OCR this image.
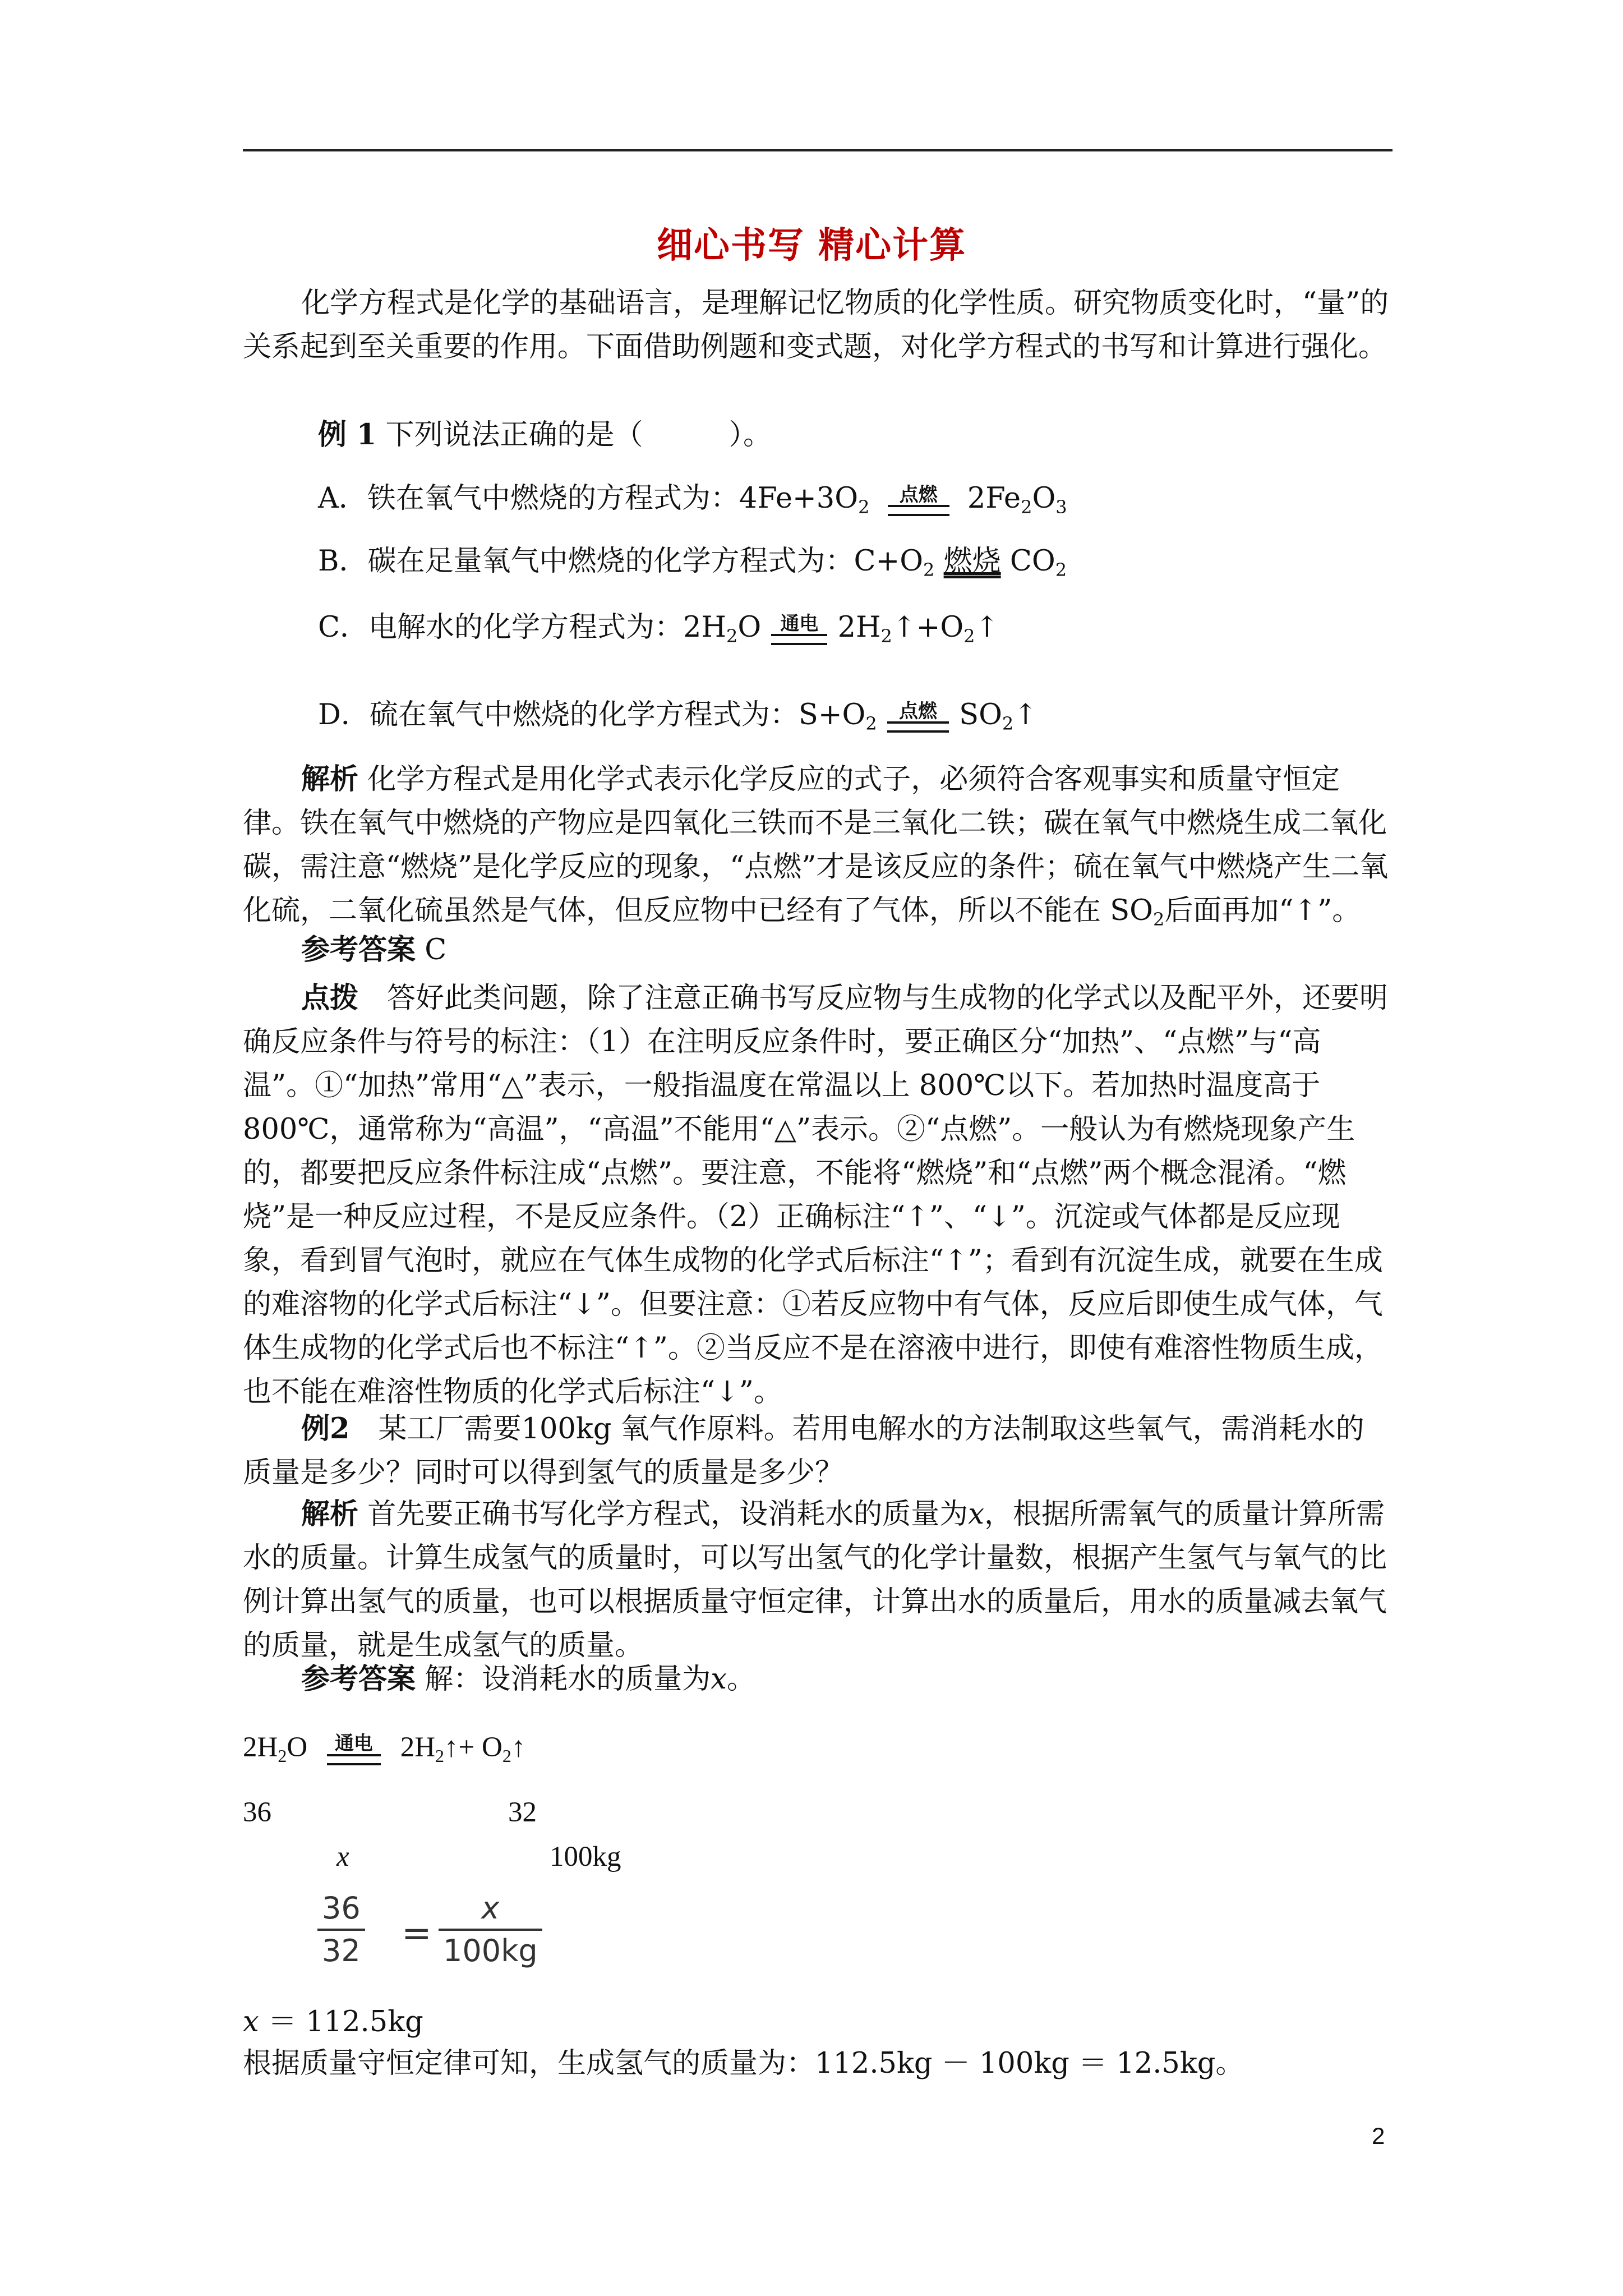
细心书写 精心计算
化学方程式是化学的基础语言，是理解记忆物质的化学性质。研究物质变化时，“量”的关系起到至关重要的作用。下面借助例题和变式题，对化学方程式的书写和计算进行强化。
例 1 下列说法正确的是（　　　）。
A．铁在氧气中燃烧的方程式为：$4Fe+3O_2$
点燃	$2Fe_2O_3$
B．碳在足量氧气中燃烧的化学方程式为：$C+O_2$ 燃烧 $CO_2$
C．电解水的化学方程式为：$2H_2O$	通电 $2H_2↑+O_2↑$
D．硫在氧气中燃烧的化学方程式为：$S+O_2$
点燃 $SO_2↑$
解析 化学方程式是用化学式表示化学反应的式子，必须符合客观事实和质量守恒定律。铁在氧气中燃烧的产物应是四氧化三铁而不是三氧化二铁；碳在氧气中燃烧生成二氧化碳，需注意“燃烧”是化学反应的现象，“点燃”才是该反应的条件；硫在氧气中燃烧产生二氧化硫，二氧化硫虽然是气体，但反应物中已经有了气体，所以不能在 $SO_2$后面再加“↑”。
参考答案 C
点拨　 答好此类问题，除了注意正确书写反应物与生成物的化学式以及配平外，还要明确反应条件与符号的标注：（1）在注明反应条件时，要正确区分“加热”、“点燃”与“高温”。①“加热”常用“△”表示，一般指温度在常温以上 800℃以下。若加热时温度高于 800℃，通常称为“高温”，“高温”不能用“△”表示。②“点燃”。一般认为有燃烧现象产生的，都要把反应条件标注成“点燃”。要注意，不能将“燃烧”和“点燃”两个概念混淆。“燃烧”是一种反应过程，不是反应条件。（2）正确标注“↑”、“↓”。沉淀或气体都是反应现象，看到冒气泡时，就应在气体生成物的化学式后标注“↑”；看到有沉淀生成，就要在生成的难溶物的化学式后标注“↓”。但要注意：①若反应物中有气体，反应后即使生成气体，气体生成物的化学式后也不标注“↑”。②当反应不是在溶液中进行，即使有难溶性物质生成，也不能在难溶性物质的化学式后标注“↓”。
例2　 某工厂需要100kg 氧气作原料。若用电解水的方法制取这些氧气，需消耗水的质量是多少？同时可以得到氢气的质量是多少？
解析 首先要正确书写化学方程式，设消耗水的质量为x，根据所需氧气的质量计算所需水的质量。计算生成氢气的质量时，可以写出氢气的化学计量数，根据产生氢气与氧气的比例计算出氢气的质量，也可以根据质量守恒定律，计算出水的质量后，用水的质量减去氧气的质量，就是生成氢气的质量。
参考答案 解：设消耗水的质量为x。
$2H_2O$	通电 $2H_2↑+$ $O_2↑$
36	32
x	100kg
36
32 =
x
100kg
x ＝ 112.5kg
根据质量守恒定律可知，生成氢气的质量为：112.5kg － 100kg ＝ 12.5kg。
2
